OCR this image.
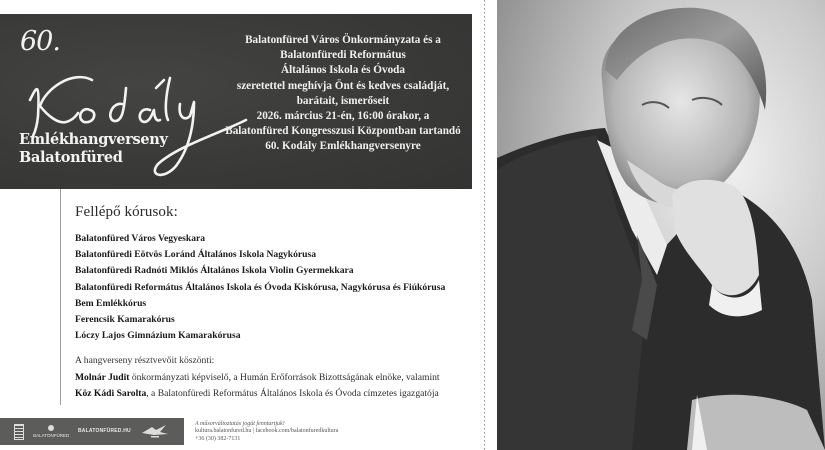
60.
Emlékhangverseny
Balatonfüred
Balatonfüred Város Önkormányzata és a
Balatonfüredi Református
Általános Iskola és Óvoda
szeretettel meghívja Önt és kedves családját,
barátait, ismerőseit
2026. március 21-én, 16:00 órakor, a
Balatonfüred Kongresszusi Központban tartandó
60. Kodály Emlékhangversenyre
Fellépő kórusok:
Balatonfüred Város Vegyeskara
Balatonfüredi Eötvös Loránd Általános Iskola Nagykórusa
Balatonfüredi Radnóti Miklós Általános Iskola Violin Gyermekkara
Balatonfüredi Református Általános Iskola és Óvoda Kiskórusa, Nagykórusa és Fiúkórusa
Bem Emlékkórus
Ferencsik Kamarakórus
Lóczy Lajos Gimnázium Kamarakórusa
A hangverseny résztvevőit köszönti:
Molnár Judit önkormányzati képviselő, a Humán Erőforrások Bizottságának elnöke, valamint
Köz Kádi Sarolta, a Balatonfüredi Református Általános Iskola és Óvoda címzetes igazgatója
BALATONFÜRED
BALATONFÜRED.HU
A műsorváltoztatás jogát fenntartjuk!
kultura.balatonfured.hu | facebook.com/balatonfuredkultura
+36 (30) 382-7131
